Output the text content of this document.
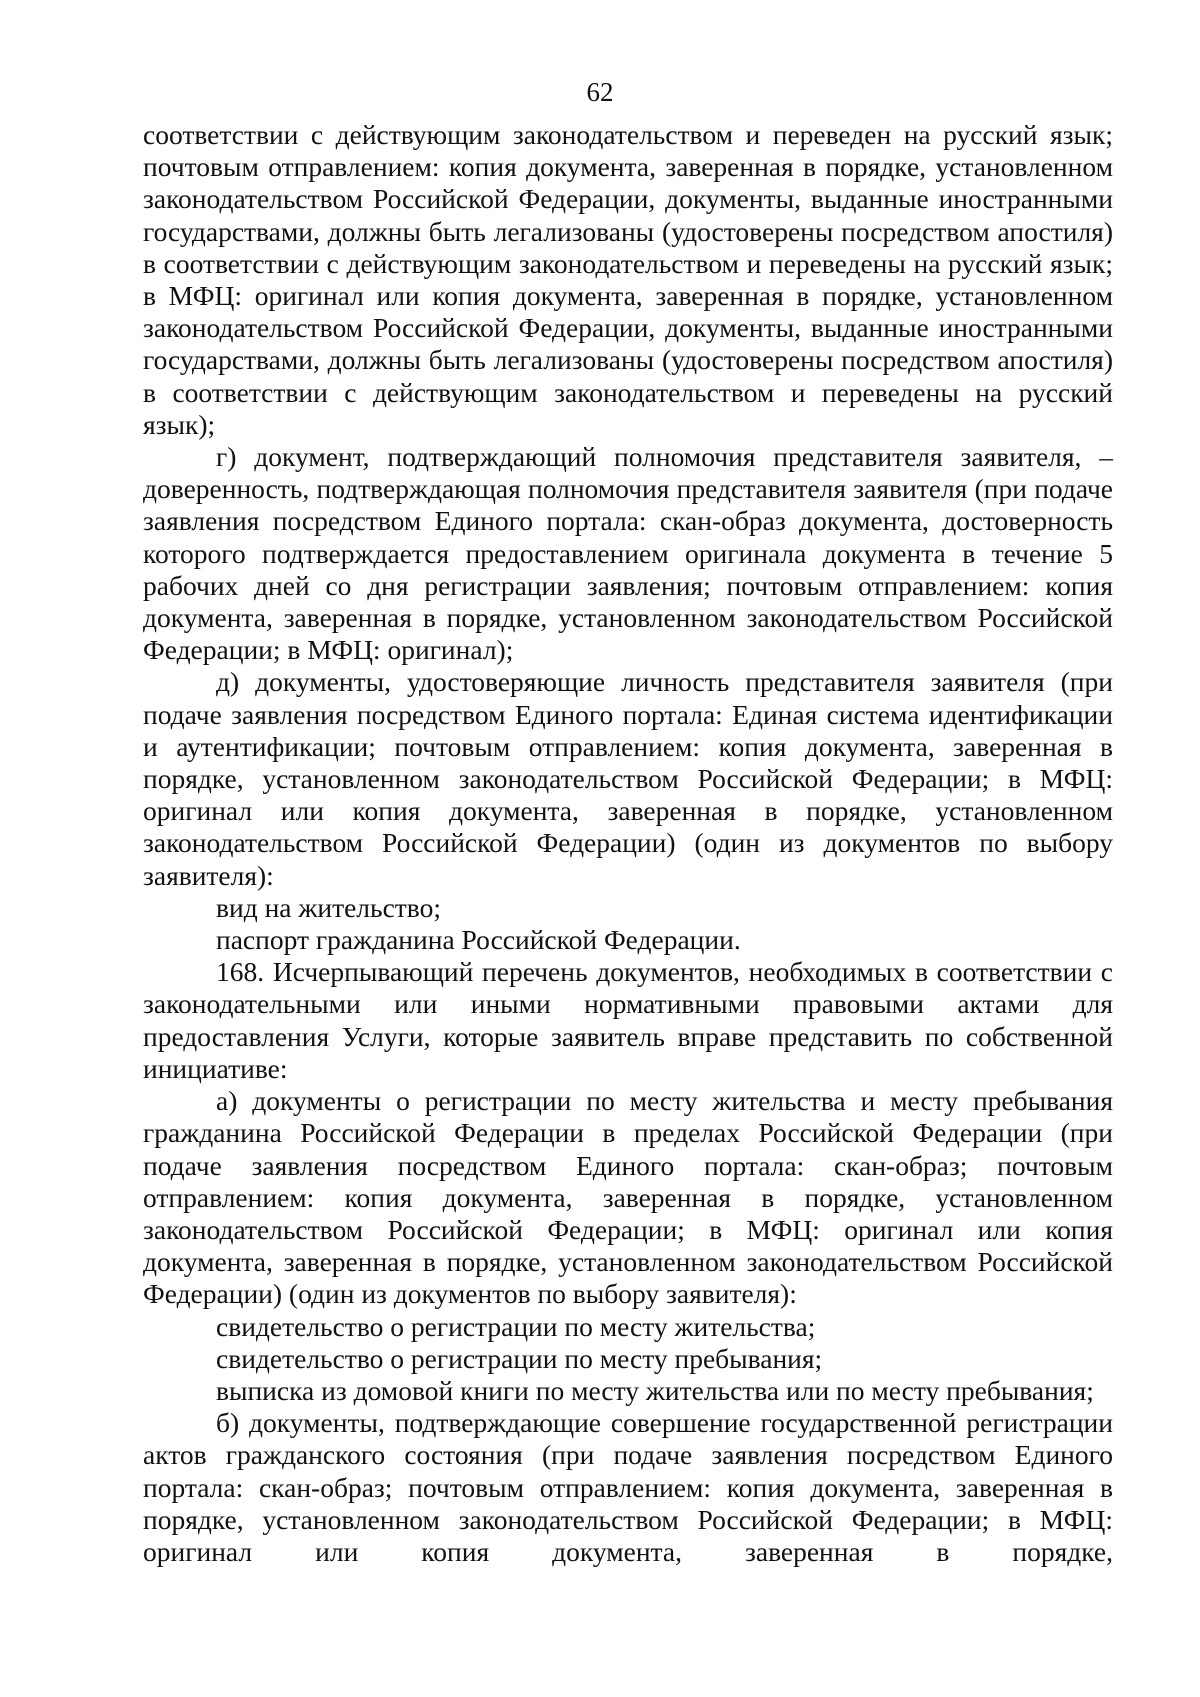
62

соответствии с действующим законодательством и переведен на русский язык; почтовым отправлением: копия документа, заверенная в порядке, установленном законодательством Российской Федерации, документы, выданные иностранными государствами, должны быть легализованы (удостоверены посредством апостиля) в соответствии с действующим законодательством и переведены на русский язык; в МФЦ: оригинал или копия документа, заверенная в порядке, установленном законодательством Российской Федерации, документы, выданные иностранными государствами, должны быть легализованы (удостоверены посредством апостиля) в соответствии с действующим законодательством и переведены на русский язык);

г) документ, подтверждающий полномочия представителя заявителя, – доверенность, подтверждающая полномочия представителя заявителя (при подаче заявления посредством Единого портала: скан-образ документа, достоверность которого подтверждается предоставлением оригинала документа в течение 5 рабочих дней со дня регистрации заявления; почтовым отправлением: копия документа, заверенная в порядке, установленном законодательством Российской Федерации; в МФЦ: оригинал);

д) документы, удостоверяющие личность представителя заявителя (при подаче заявления посредством Единого портала: Единая система идентификации и аутентификации; почтовым отправлением: копия документа, заверенная в порядке, установленном законодательством Российской Федерации; в МФЦ: оригинал или копия документа, заверенная в порядке, установленном законодательством Российской Федерации) (один из документов по выбору заявителя):

вид на жительство;

паспорт гражданина Российской Федерации.

168. Исчерпывающий перечень документов, необходимых в соответствии с законодательными или иными нормативными правовыми актами для предоставления Услуги, которые заявитель вправе представить по собственной инициативе:

а) документы о регистрации по месту жительства и месту пребывания гражданина Российской Федерации в пределах Российской Федерации (при подаче заявления посредством Единого портала: скан-образ; почтовым отправлением: копия документа, заверенная в порядке, установленном законодательством Российской Федерации; в МФЦ: оригинал или копия документа, заверенная в порядке, установленном законодательством Российской Федерации) (один из документов по выбору заявителя):

свидетельство о регистрации по месту жительства;

свидетельство о регистрации по месту пребывания;

выписка из домовой книги по месту жительства или по месту пребывания;

б) документы, подтверждающие совершение государственной регистрации актов гражданского состояния (при подаче заявления посредством Единого портала: скан-образ; почтовым отправлением: копия документа, заверенная в порядке, установленном законодательством Российской Федерации; в МФЦ: оригинал или копия документа, заверенная в порядке,
